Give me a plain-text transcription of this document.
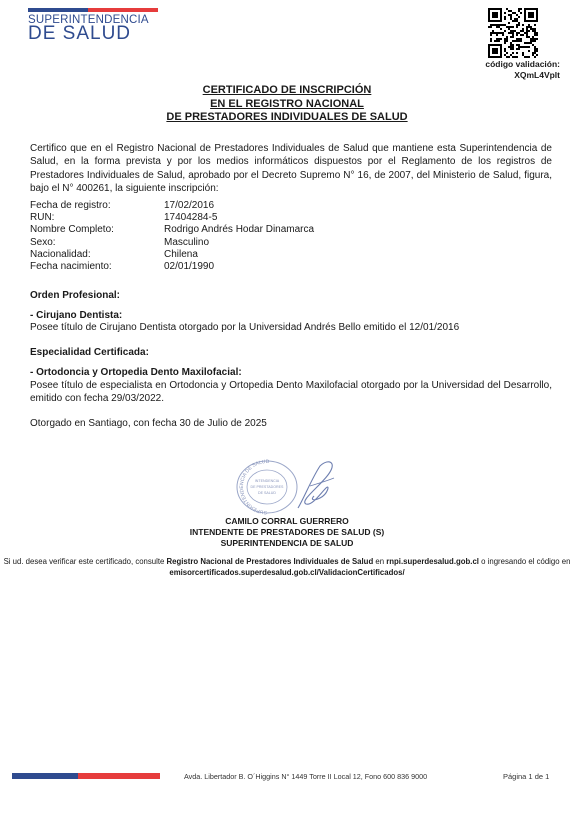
SUPERINTENDENCIA
DE SALUD
código validación:
XQmL4Vplt
CERTIFICADO DE INSCRIPCIÓN
EN EL REGISTRO NACIONAL
DE PRESTADORES INDIVIDUALES DE SALUD
Certifico que en el Registro Nacional de Prestadores Individuales de Salud que mantiene esta Superintendencia de Salud, en la forma prevista y por los medios informáticos dispuestos por el Reglamento de los registros de Prestadores Individuales de Salud, aprobado por el Decreto Supremo N° 16, de 2007, del Ministerio de Salud, figura, bajo el N° 400261, la siguiente inscripción:
Fecha de registro:	17/02/2016
RUN:	17404284-5
Nombre Completo:	Rodrigo Andrés Hodar Dinamarca
Sexo:	Masculino
Nacionalidad:	Chilena
Fecha nacimiento:	02/01/1990
Orden Profesional:
- Cirujano Dentista:
Posee título de Cirujano Dentista otorgado por la Universidad Andrés Bello emitido el 12/01/2016
Especialidad Certificada:
- Ortodoncia y Ortopedia Dento Maxilofacial:
Posee título de especialista en Ortodoncia y Ortopedia Dento Maxilofacial otorgado por la Universidad del Desarrollo, emitido con fecha 29/03/2022.
Otorgado en Santiago, con fecha 30 de Julio de 2025
SUPERINTENDENCIA DE SALUD
INTENDENCIA
DE PRESTADORES
DE SALUD
CAMILO CORRAL GUERRERO
INTENDENTE DE PRESTADORES DE SALUD (S)
SUPERINTENDENCIA DE SALUD
Si ud. desea verificar este certificado, consulte Registro Nacional de Prestadores Individuales de Salud en rnpi.superdesalud.gob.cl o ingresando el código en
emisorcertificados.superdesalud.gob.cl/ValidacionCertificados/
Avda. Libertador B. O´Higgins N° 1449 Torre II Local 12, Fono 600 836 9000	Página 1 de 1
